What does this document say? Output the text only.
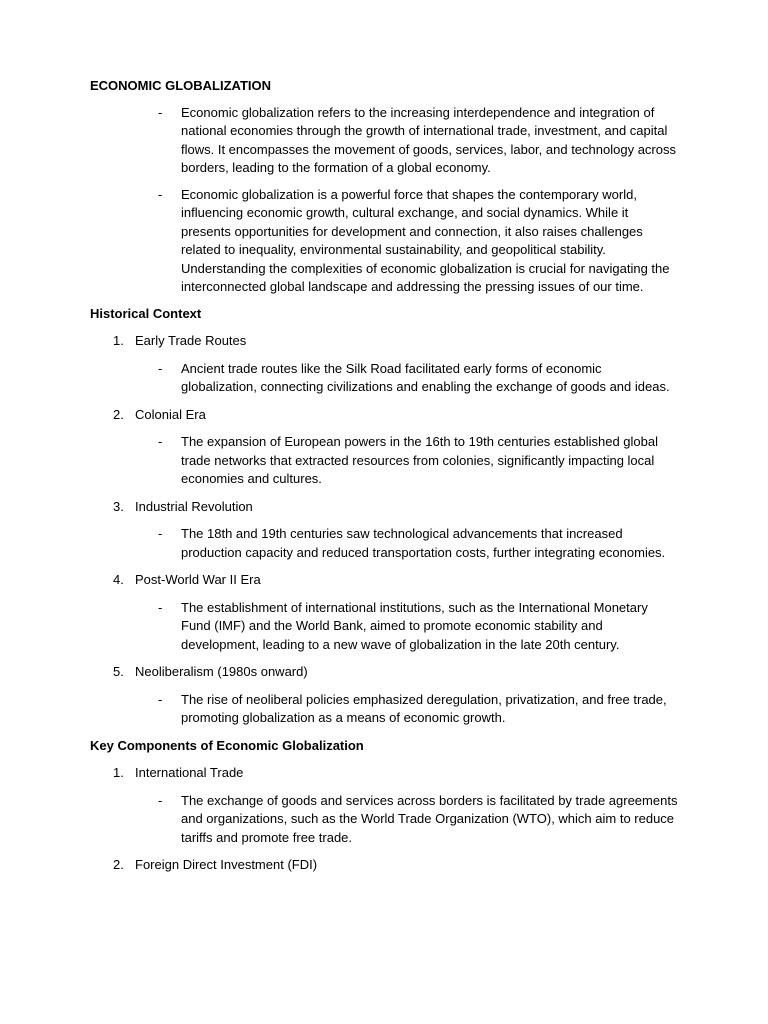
ECONOMIC GLOBALIZATION
- Economic globalization refers to the increasing interdependence and integration of national economies through the growth of international trade, investment, and capital flows. It encompasses the movement of goods, services, labor, and technology across borders, leading to the formation of a global economy.
- Economic globalization is a powerful force that shapes the contemporary world, influencing economic growth, cultural exchange, and social dynamics. While it presents opportunities for development and connection, it also raises challenges related to inequality, environmental sustainability, and geopolitical stability. Understanding the complexities of economic globalization is crucial for navigating the interconnected global landscape and addressing the pressing issues of our time.
Historical Context
1. Early Trade Routes
- Ancient trade routes like the Silk Road facilitated early forms of economic globalization, connecting civilizations and enabling the exchange of goods and ideas.
2. Colonial Era
- The expansion of European powers in the 16th to 19th centuries established global trade networks that extracted resources from colonies, significantly impacting local economies and cultures.
3. Industrial Revolution
- The 18th and 19th centuries saw technological advancements that increased production capacity and reduced transportation costs, further integrating economies.
4. Post-World War II Era
- The establishment of international institutions, such as the International Monetary Fund (IMF) and the World Bank, aimed to promote economic stability and development, leading to a new wave of globalization in the late 20th century.
5. Neoliberalism (1980s onward)
- The rise of neoliberal policies emphasized deregulation, privatization, and free trade, promoting globalization as a means of economic growth.
Key Components of Economic Globalization
1. International Trade
- The exchange of goods and services across borders is facilitated by trade agreements and organizations, such as the World Trade Organization (WTO), which aim to reduce tariffs and promote free trade.
2. Foreign Direct Investment (FDI)
